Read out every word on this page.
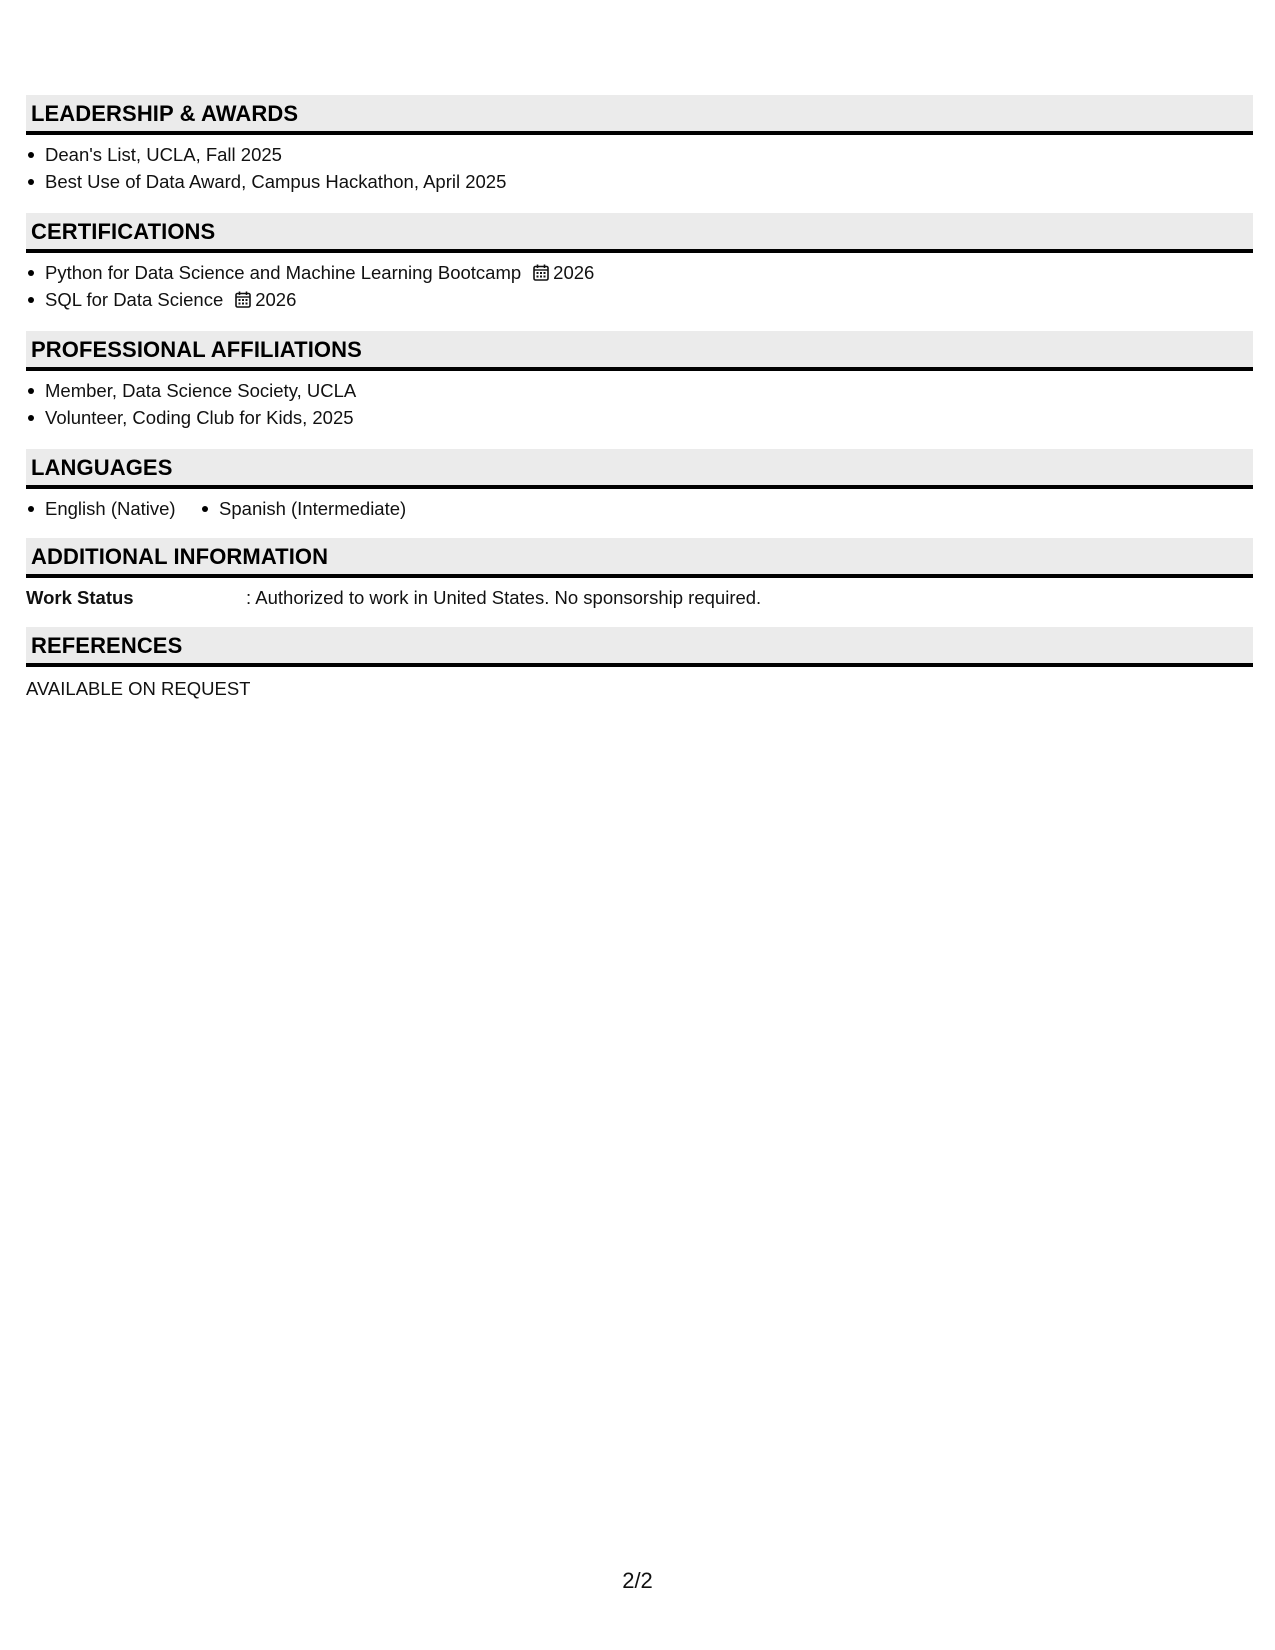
LEADERSHIP & AWARDS
Dean's List, UCLA, Fall 2025
Best Use of Data Award, Campus Hackathon, April 2025
CERTIFICATIONS
Python for Data Science and Machine Learning Bootcamp 2026
SQL for Data Science 2026
PROFESSIONAL AFFILIATIONS
Member, Data Science Society, UCLA
Volunteer, Coding Club for Kids, 2025
LANGUAGES
English (Native) Spanish (Intermediate)
ADDITIONAL INFORMATION
Work Status	: Authorized to work in United States. No sponsorship required.
REFERENCES
AVAILABLE ON REQUEST
2/2
